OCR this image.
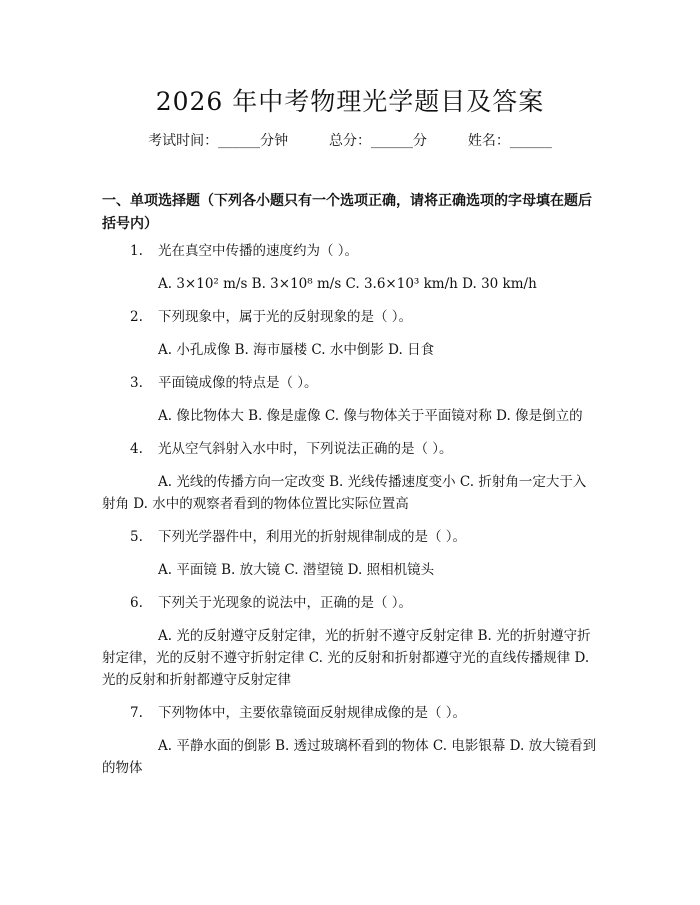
2026 年中考物理光学题目及答案
考试时间：______分钟	总分：______分	姓名：______
一、单项选择题（下列各小题只有一个选项正确，请将正确选项的字母填在题后括号内）
1. 光在真空中传播的速度约为（ ）。
A. 3×10² m/s B. 3×10⁸ m/s C. 3.6×10³ km/h D. 30 km/h
2. 下列现象中，属于光的反射现象的是（ ）。
A. 小孔成像 B. 海市蜃楼 C. 水中倒影 D. 日食
3. 平面镜成像的特点是（ ）。
A. 像比物体大 B. 像是虚像 C. 像与物体关于平面镜对称 D. 像是倒立的
4. 光从空气斜射入水中时，下列说法正确的是（ ）。
A. 光线的传播方向一定改变 B. 光线传播速度变小 C. 折射角一定大于入射角 D. 水中的观察者看到的物体位置比实际位置高
5. 下列光学器件中，利用光的折射规律制成的是（ ）。
A. 平面镜 B. 放大镜 C. 潜望镜 D. 照相机镜头
6. 下列关于光现象的说法中，正确的是（ ）。
A. 光的反射遵守反射定律，光的折射不遵守反射定律 B. 光的折射遵守折射定律，光的反射不遵守折射定律 C. 光的反射和折射都遵守光的直线传播规律 D. 光的反射和折射都遵守反射定律
7. 下列物体中，主要依靠镜面反射规律成像的是（ ）。
A. 平静水面的倒影 B. 透过玻璃杯看到的物体 C. 电影银幕 D. 放大镜看到的物体
